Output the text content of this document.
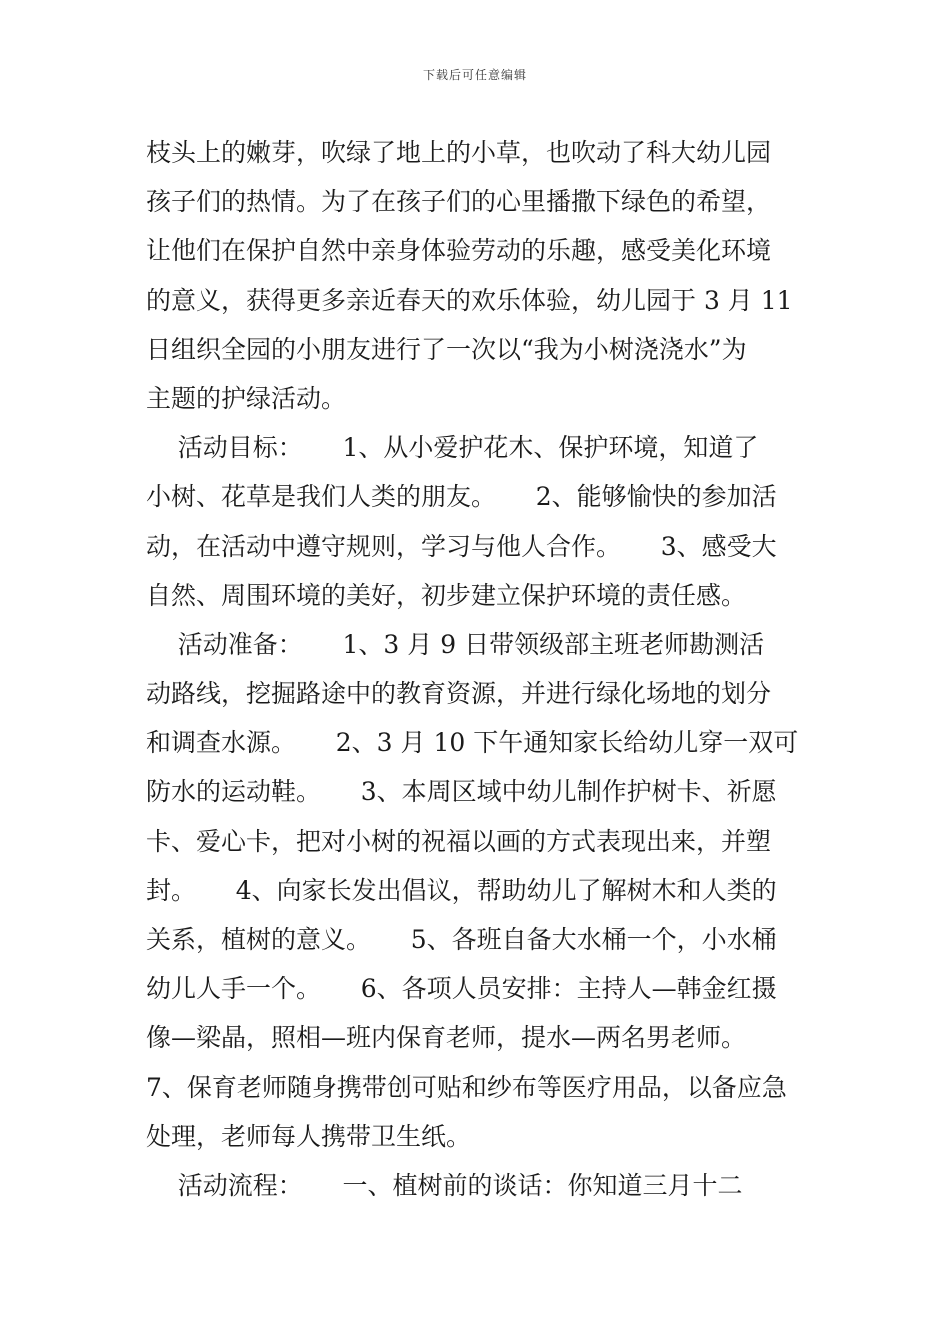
下载后可任意编辑
枝头上的嫩芽，吹绿了地上的小草，也吹动了科大幼儿园
孩子们的热情。为了在孩子们的心里播撒下绿色的希望，
让他们在保护自然中亲身体验劳动的乐趣，感受美化环境
的意义，获得更多亲近春天的欢乐体验，幼儿园于 3 月 11
日组织全园的小朋友进行了一次以“我为小树浇浇水”为
主题的护绿活动。
活动目标：     1、从小爱护花木、保护环境，知道了
小树、花草是我们人类的朋友。     2、能够愉快的参加活
动，在活动中遵守规则，学习与他人合作。     3、感受大
自然、周围环境的美好，初步建立保护环境的责任感。
活动准备：     1、3 月 9 日带领级部主班老师勘测活
动路线，挖掘路途中的教育资源，并进行绿化场地的划分
和调查水源。     2、3 月 10 下午通知家长给幼儿穿一双可
防水的运动鞋。     3、本周区域中幼儿制作护树卡、祈愿
卡、爱心卡，把对小树的祝福以画的方式表现出来，并塑
封。     4、向家长发出倡议，帮助幼儿了解树木和人类的
关系，植树的意义。     5、各班自备大水桶一个，小水桶
幼儿人手一个。     6、各项人员安排：主持人—韩金红摄
像—梁晶，照相—班内保育老师，提水—两名男老师。
7、保育老师随身携带创可贴和纱布等医疗用品，以备应急
处理，老师每人携带卫生纸。
活动流程：     一、植树前的谈话：你知道三月十二
